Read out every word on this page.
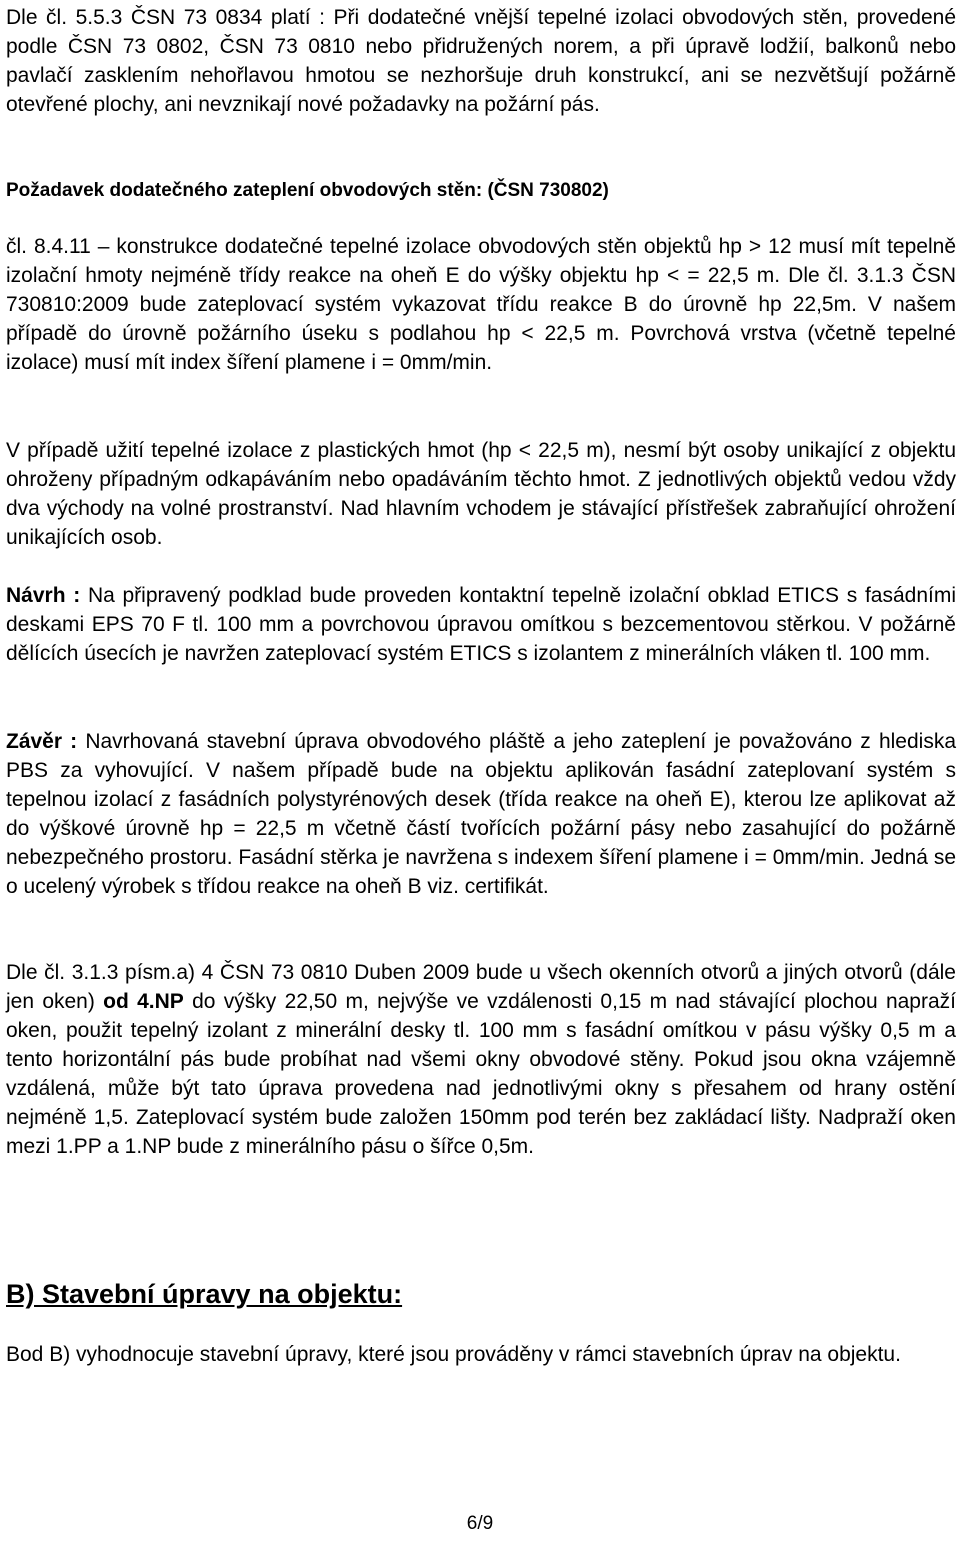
Dle čl. 5.5.3 ČSN 73 0834 platí : Při dodatečné vnější tepelné izolaci obvodových stěn, provedené podle ČSN 73 0802, ČSN 73 0810 nebo přidružených norem, a při úpravě lodžií, balkonů nebo pavlačí zasklením nehořlavou hmotou se nezhoršuje druh konstrukcí, ani se nezvětšují požárně otevřené plochy, ani nevznikají nové požadavky na požární pás.

Požadavek dodatečného zateplení obvodových stěn: (ČSN 730802)

čl. 8.4.11 – konstrukce dodatečné tepelné izolace obvodových stěn objektů hp > 12 musí mít tepelně izolační hmoty nejméně třídy reakce na oheň E do výšky objektu hp < = 22,5 m. Dle čl. 3.1.3 ČSN 730810:2009 bude zateplovací systém vykazovat třídu reakce B do úrovně hp 22,5m. V našem případě do úrovně požárního úseku s podlahou hp < 22,5 m. Povrchová vrstva (včetně tepelné izolace) musí mít index šíření plamene i = 0mm/min.

V případě užití tepelné izolace z plastických hmot (hp < 22,5 m), nesmí být osoby unikající z objektu ohroženy případným odkapáváním nebo opadáváním těchto hmot. Z jednotlivých objektů vedou vždy dva východy na volné prostranství. Nad hlavním vchodem je stávající přístřešek zabraňující ohrožení unikajících osob.

Návrh : Na připravený podklad bude proveden kontaktní tepelně izolační obklad ETICS s fasádními deskami EPS 70 F tl. 100 mm a povrchovou úpravou omítkou s bezcementovou stěrkou. V požárně dělících úsecích je navržen zateplovací systém ETICS s izolantem z minerálních vláken tl. 100 mm.

Závěr : Navrhovaná stavební úprava obvodového pláště a jeho zateplení je považováno z hlediska PBS za vyhovující. V našem případě bude na objektu aplikován fasádní zateplovaní systém s tepelnou izolací z fasádních polystyrénových desek (třída reakce na oheň E), kterou lze aplikovat až do výškové úrovně hp = 22,5 m včetně částí tvořících požární pásy nebo zasahující do požárně nebezpečného prostoru. Fasádní stěrka je navržena s indexem šíření plamene i = 0mm/min. Jedná se o ucelený výrobek s třídou reakce na oheň B viz. certifikát.

Dle čl. 3.1.3 písm.a) 4 ČSN 73 0810 Duben 2009 bude u všech okenních otvorů a jiných otvorů (dále jen oken) od 4.NP do výšky 22,50 m, nejvýše ve vzdálenosti 0,15 m nad stávající plochou napraží oken, použit tepelný izolant z minerální desky tl. 100 mm s fasádní omítkou v pásu výšky 0,5 m a tento horizontální pás bude probíhat nad všemi okny obvodové stěny. Pokud jsou okna vzájemně vzdálená, může být tato úprava provedena nad jednotlivými okny s přesahem od hrany ostění nejméně 1,5. Zateplovací systém bude založen 150mm pod terén bez zakládací lišty. Nadpraží oken mezi 1.PP a 1.NP bude z minerálního pásu o šířce 0,5m.

B) Stavební úpravy na objektu:

Bod B) vyhodnocuje stavební úpravy, které jsou prováděny v rámci stavebních úprav na objektu.

6/9
